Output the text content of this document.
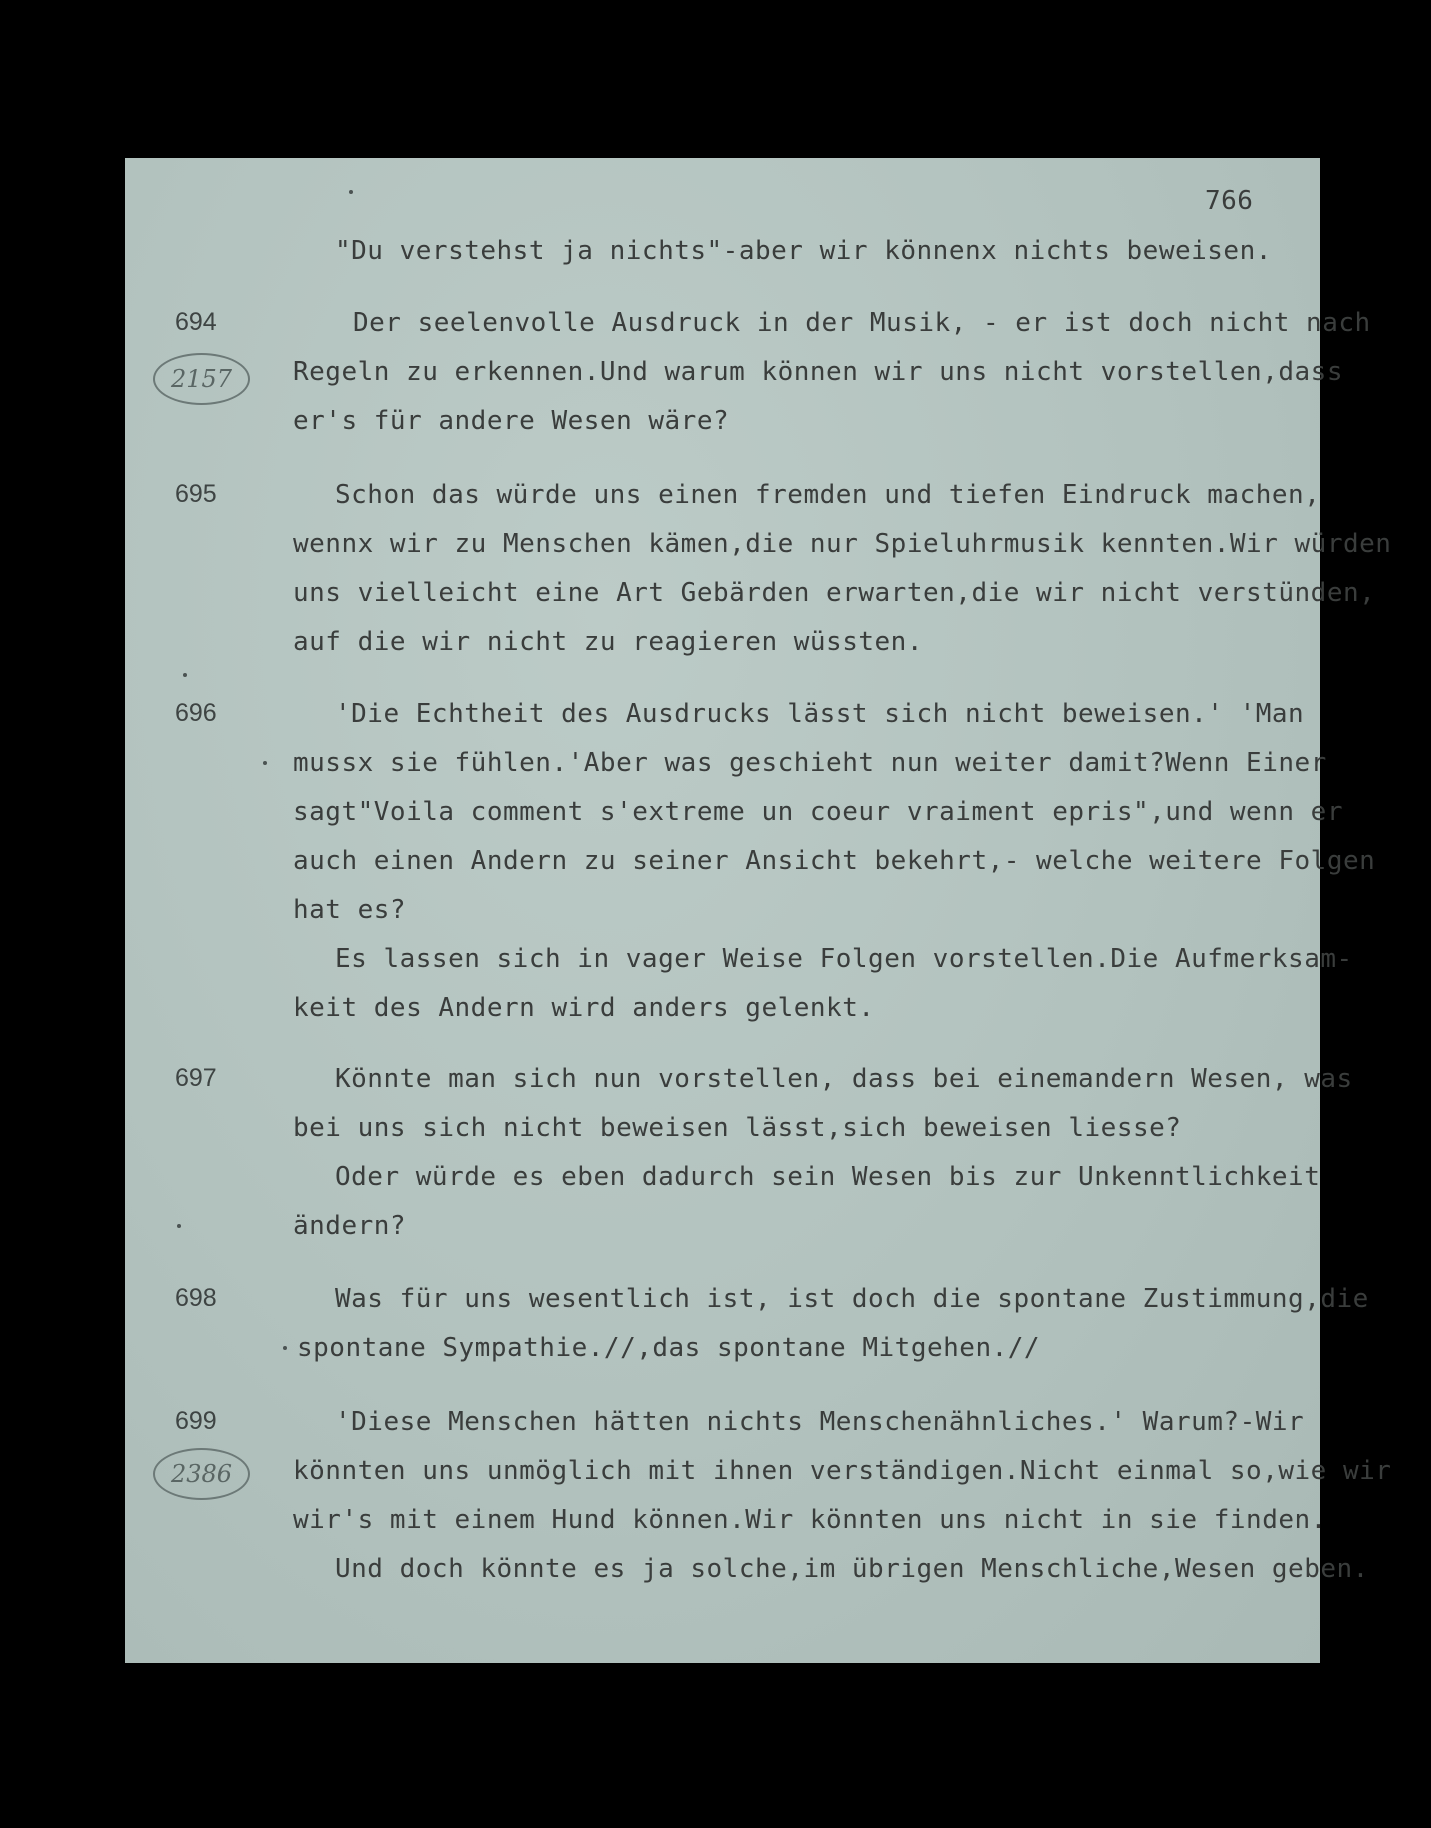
766
"Du verstehst ja nichts"-aber wir könnenx nichts beweisen.
694
2157
Der seelenvolle Ausdruck in der Musik, - er ist doch nicht nach
Regeln zu erkennen.Und warum können wir uns nicht vorstellen,dass
er's für andere Wesen wäre?
695	Schon das würde uns einen fremden und tiefen Eindruck machen,
wennx wir zu Menschen kämen,die nur Spieluhrmusik kennten.Wir würden
uns vielleicht eine Art Gebärden erwarten,die wir nicht verstünden,
auf die wir nicht zu reagieren wüssten.
696	'Die Echtheit des Ausdrucks lässt sich nicht beweisen.' 'Man
mussx sie fühlen.'Aber was geschieht nun weiter damit?Wenn Einer
sagt"Voila comment s'extreme un coeur vraiment epris",und wenn er
auch einen Andern zu seiner Ansicht bekehrt,- welche weitere Folgen
hat es?
Es lassen sich in vager Weise Folgen vorstellen.Die Aufmerksam-
keit des Andern wird anders gelenkt.
697	Könnte man sich nun vorstellen, dass bei einemandern Wesen, was
bei uns sich nicht beweisen lässt,sich beweisen liesse?
Oder würde es eben dadurch sein Wesen bis zur Unkenntlichkeit
ändern?
698	Was für uns wesentlich ist, ist doch die spontane Zustimmung,die
spontane Sympathie.//,das spontane Mitgehen.//
699
2386
'Diese Menschen hätten nichts Menschenähnliches.' Warum?-Wir
könnten uns unmöglich mit ihnen verständigen.Nicht einmal so,wie wir
wir's mit einem Hund können.Wir könnten uns nicht in sie finden.
Und doch könnte es ja solche,im übrigen Menschliche,Wesen geben.
